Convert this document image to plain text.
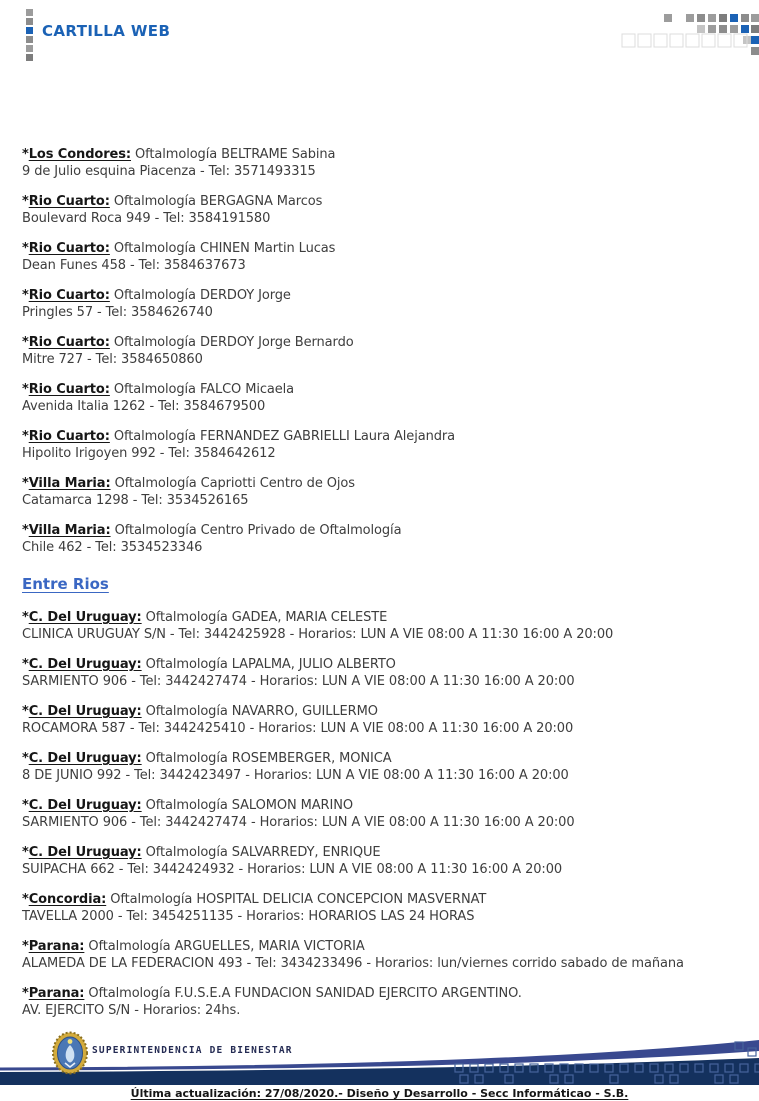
CARTILLA WEB
*Los Condores: Oftalmología BELTRAME Sabina
9 de Julio esquina Piacenza - Tel: 3571493315
*Rio Cuarto: Oftalmología BERGAGNA Marcos
Boulevard Roca 949 - Tel: 3584191580
*Rio Cuarto: Oftalmología CHINEN Martin Lucas
Dean Funes 458 - Tel: 3584637673
*Rio Cuarto: Oftalmología DERDOY Jorge
Pringles 57 - Tel: 3584626740
*Rio Cuarto: Oftalmología DERDOY Jorge Bernardo
Mitre 727 - Tel: 3584650860
*Rio Cuarto: Oftalmología FALCO Micaela
Avenida Italia 1262 - Tel: 3584679500
*Rio Cuarto: Oftalmología FERNANDEZ GABRIELLI Laura Alejandra
Hipolito Irigoyen 992 - Tel: 3584642612
*Villa Maria: Oftalmología Capriotti Centro de Ojos
Catamarca 1298 - Tel: 3534526165
*Villa Maria: Oftalmología Centro Privado de Oftalmología
Chile 462 - Tel: 3534523346
Entre Rios
*C. Del Uruguay: Oftalmología GADEA, MARIA CELESTE
CLINICA URUGUAY S/N - Tel: 3442425928 - Horarios: LUN A VIE 08:00 A 11:30 16:00 A 20:00
*C. Del Uruguay: Oftalmología LAPALMA, JULIO ALBERTO
SARMIENTO 906 - Tel: 3442427474 - Horarios: LUN A VIE 08:00 A 11:30 16:00 A 20:00
*C. Del Uruguay: Oftalmología NAVARRO, GUILLERMO
ROCAMORA 587 - Tel: 3442425410 - Horarios: LUN A VIE 08:00 A 11:30 16:00 A 20:00
*C. Del Uruguay: Oftalmología ROSEMBERGER, MONICA
8 DE JUNIO 992 - Tel: 3442423497 - Horarios: LUN A VIE 08:00 A 11:30 16:00 A 20:00
*C. Del Uruguay: Oftalmología SALOMON MARINO
SARMIENTO 906 - Tel: 3442427474 - Horarios: LUN A VIE 08:00 A 11:30 16:00 A 20:00
*C. Del Uruguay: Oftalmología SALVARREDY, ENRIQUE
SUIPACHA 662 - Tel: 3442424932 - Horarios: LUN A VIE 08:00 A 11:30 16:00 A 20:00
*Concordia: Oftalmología HOSPITAL DELICIA CONCEPCION MASVERNAT
TAVELLA 2000 - Tel: 3454251135 - Horarios: HORARIOS LAS 24 HORAS
*Parana: Oftalmología ARGUELLES, MARIA VICTORIA
ALAMEDA DE LA FEDERACION 493 - Tel: 3434233496 - Horarios: lun/viernes corrido sabado de mañana
*Parana: Oftalmología F.U.S.E.A FUNDACION SANIDAD EJERCITO ARGENTINO.
AV. EJERCITO S/N - Horarios: 24hs.
SUPERINTENDENCIA DE BIENESTAR
Última actualización: 27/08/2020.- Diseño y Desarrollo - Secc Informáticao - S.B.
